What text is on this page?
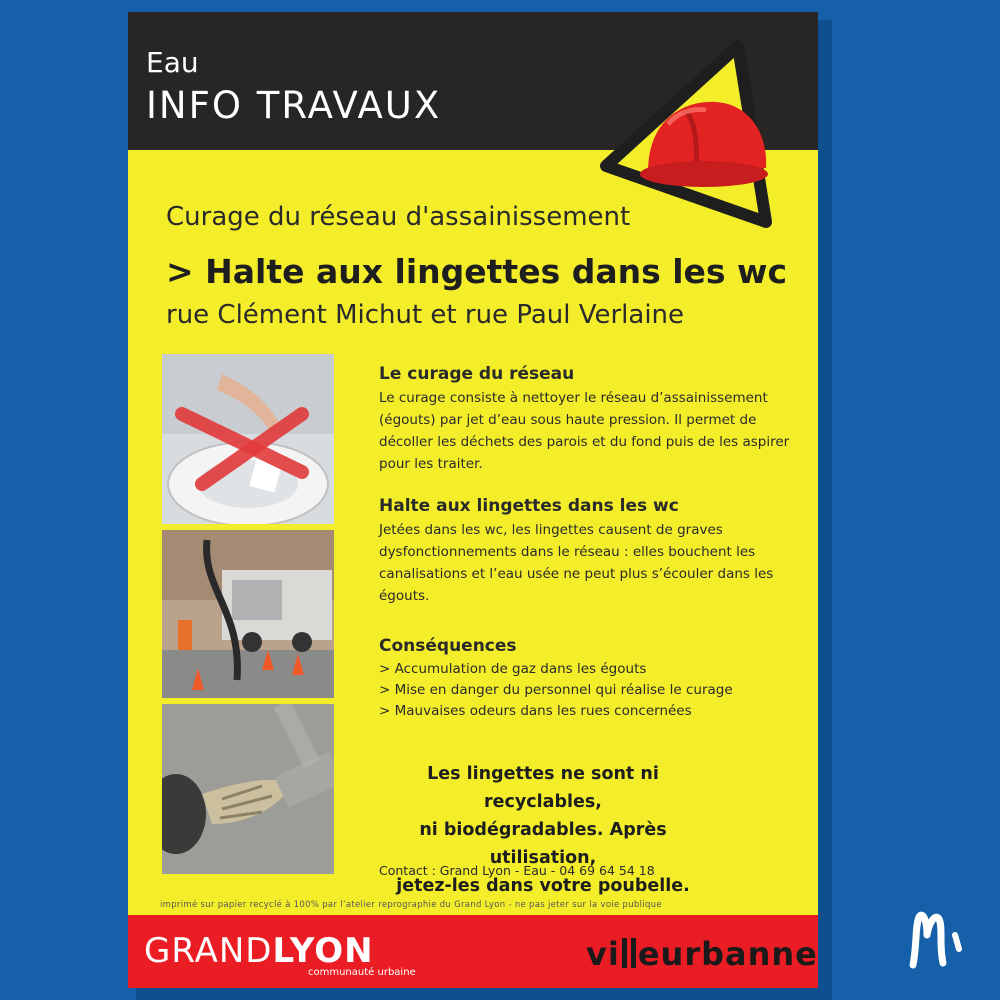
Eau
INFO TRAVAUX
Curage du réseau d'assainissement
> Halte aux lingettes dans les wc
rue Clément Michut et rue Paul Verlaine
Le curage du réseau

Le curage consiste à nettoyer le réseau d’assainissement (égouts) par jet d’eau sous haute pression. Il permet de décoller les déchets des parois et du fond puis de les aspirer pour les traiter.

Halte aux lingettes dans les wc

Jetées dans les wc, les lingettes causent de graves dysfonctionnements dans le réseau : elles bouchent les canalisations et l’eau usée ne peut plus s’écouler dans les égouts.

Conséquences
> Accumulation de gaz dans les égouts
> Mise en danger du personnel qui réalise le curage
> Mauvaises odeurs dans les rues concernées
Les lingettes ne sont ni recyclables,
ni biodégradables. Après utilisation,
jetez-les dans votre poubelle.
Contact : Grand Lyon - Eau - 04 69 64 54 18
imprimé sur papier recyclé à 100% par l’atelier reprographie du Grand Lyon - ne pas jeter sur la voie publique
GRANDLYON
communauté urbaine	vi eurbanne
